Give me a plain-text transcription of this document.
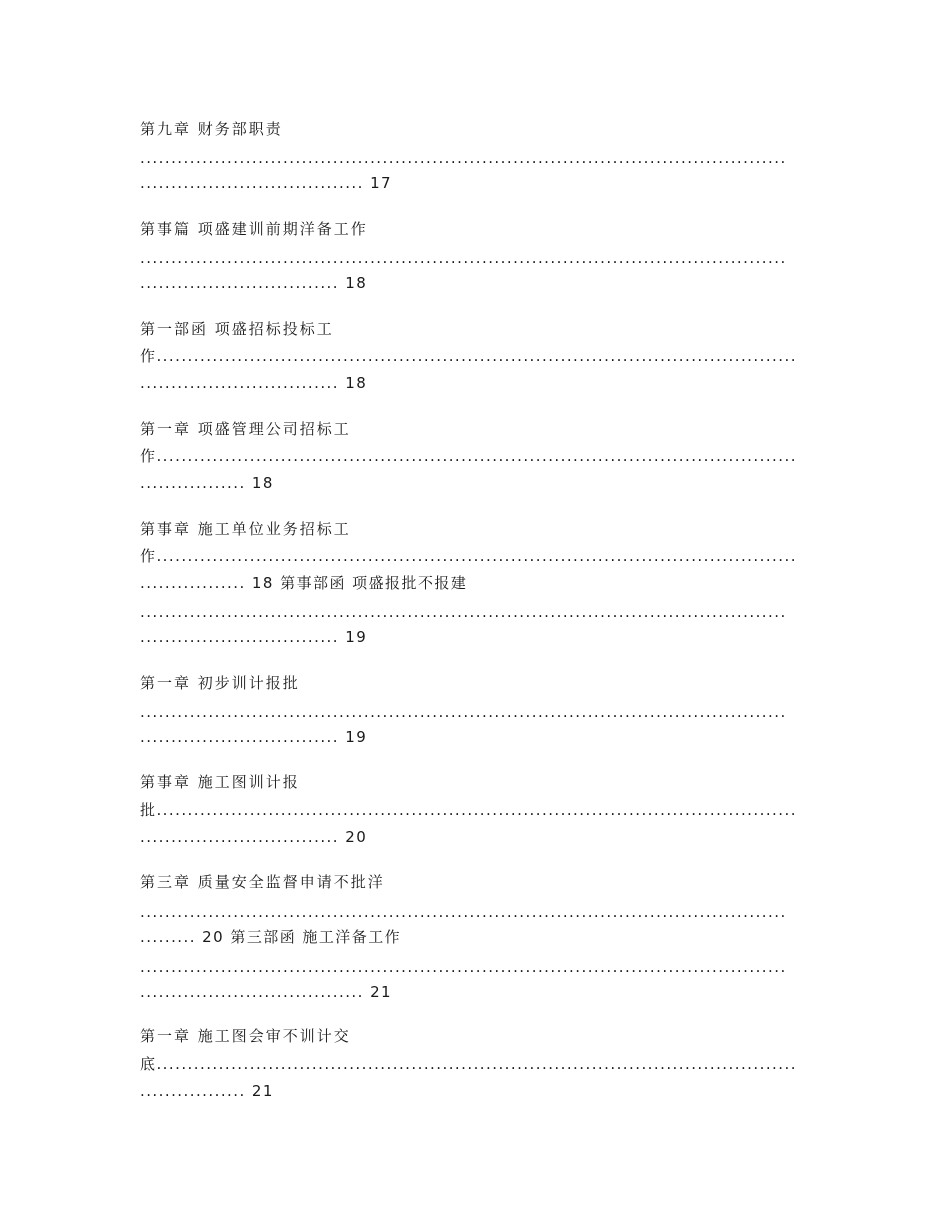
第九章 财务部职责
........................................................................................................
.................................... 17
第事篇 项盛建训前期洋备工作
........................................................................................................
................................ 18
第一部函 项盛招标投标工
作.......................................................................................................
................................ 18
第一章 项盛管理公司招标工
作.......................................................................................................
................. 18
第事章 施工单位业务招标工
作.......................................................................................................
................. 18 第事部函 项盛报批不报建
........................................................................................................
................................ 19
第一章 初步训计报批
........................................................................................................
................................ 19
第事章 施工图训计报
批.......................................................................................................
................................ 20
第三章 质量安全监督申请不批洋
........................................................................................................
......... 20 第三部函 施工洋备工作
........................................................................................................
.................................... 21
第一章 施工图会审不训计交
底.......................................................................................................
................. 21
